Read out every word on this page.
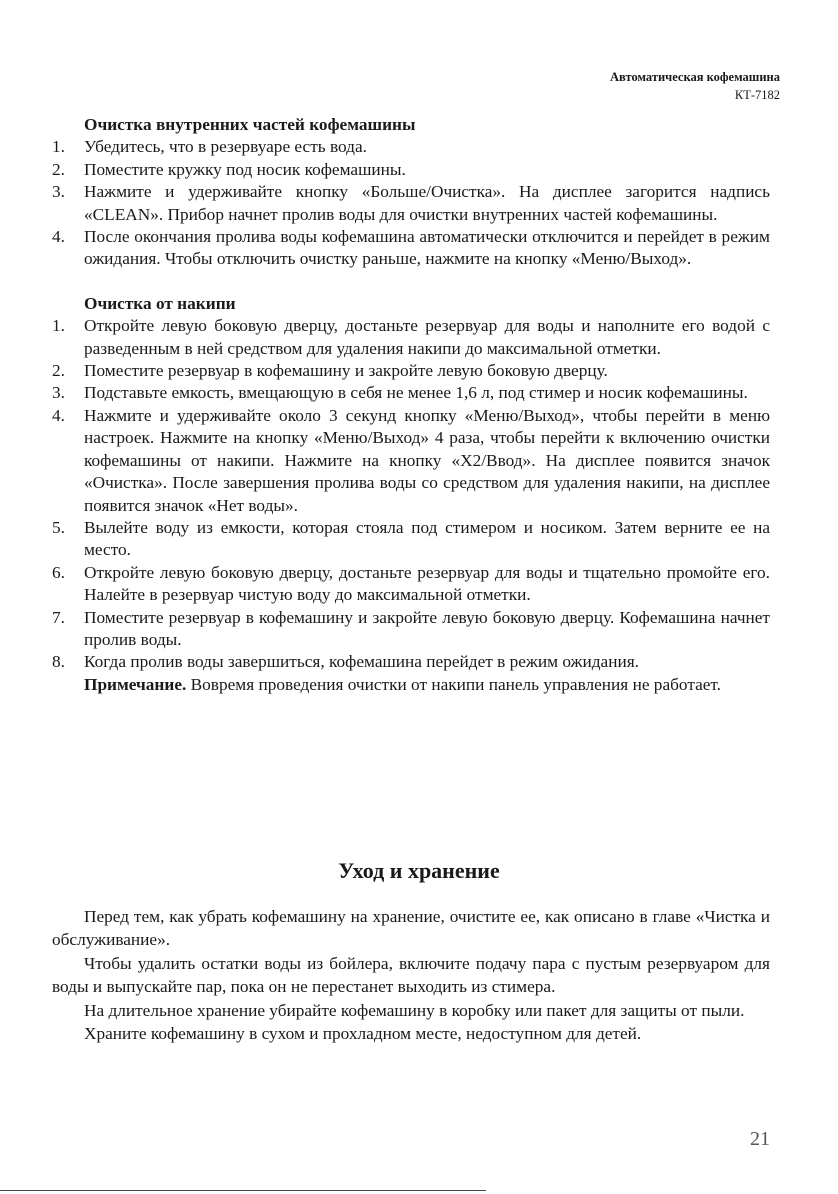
Автоматическая кофемашина
КТ-7182
Очистка внутренних частей кофемашины
1. Убедитесь, что в резервуаре есть вода.
2. Поместите кружку под носик кофемашины.
3. Нажмите и удерживайте кнопку «Больше/Очистка». На дисплее загорится надпись «CLEAN». Прибор начнет пролив воды для очистки внутренних частей кофемашины.
4. После окончания пролива воды кофемашина автоматически отключится и перейдет в режим ожидания. Чтобы отключить очистку раньше, нажмите на кнопку «Меню/Выход».
Очистка от накипи
1. Откройте левую боковую дверцу, достаньте резервуар для воды и наполните его водой с разведенным в ней средством для удаления накипи до максимальной отметки.
2. Поместите резервуар в кофемашину и закройте левую боковую дверцу.
3. Подставьте емкость, вмещающую в себя не менее 1,6 л, под стимер и носик кофемашины.
4. Нажмите и удерживайте около 3 секунд кнопку «Меню/Выход», чтобы перейти в меню настроек. Нажмите на кнопку «Меню/Выход» 4 раза, чтобы перейти к включению очистки кофемашины от накипи. Нажмите на кнопку «Х2/Ввод». На дисплее появится значок «Очистка». После завершения пролива воды со средством для удаления накипи, на дисплее появится значок «Нет воды».
5. Вылейте воду из емкости, которая стояла под стимером и носиком. Затем верните ее на место.
6. Откройте левую боковую дверцу, достаньте резервуар для воды и тщательно промойте его. Налейте в резервуар чистую воду до максимальной отметки.
7. Поместите резервуар в кофемашину и закройте левую боковую дверцу. Кофемашина начнет пролив воды.
8. Когда пролив воды завершиться, кофемашина перейдет в режим ожидания.
Примечание. Вовремя проведения очистки от накипи панель управления не работает.
Уход и хранение

Перед тем, как убрать кофемашину на хранение, очистите ее, как описано в главе «Чистка и обслуживание».

Чтобы удалить остатки воды из бойлера, включите подачу пара с пустым резервуаром для воды и выпускайте пар, пока он не перестанет выходить из стимера.

На длительное хранение убирайте кофемашину в коробку или пакет для защиты от пыли.

Храните кофемашину в сухом и прохладном месте, недоступном для детей.

21
